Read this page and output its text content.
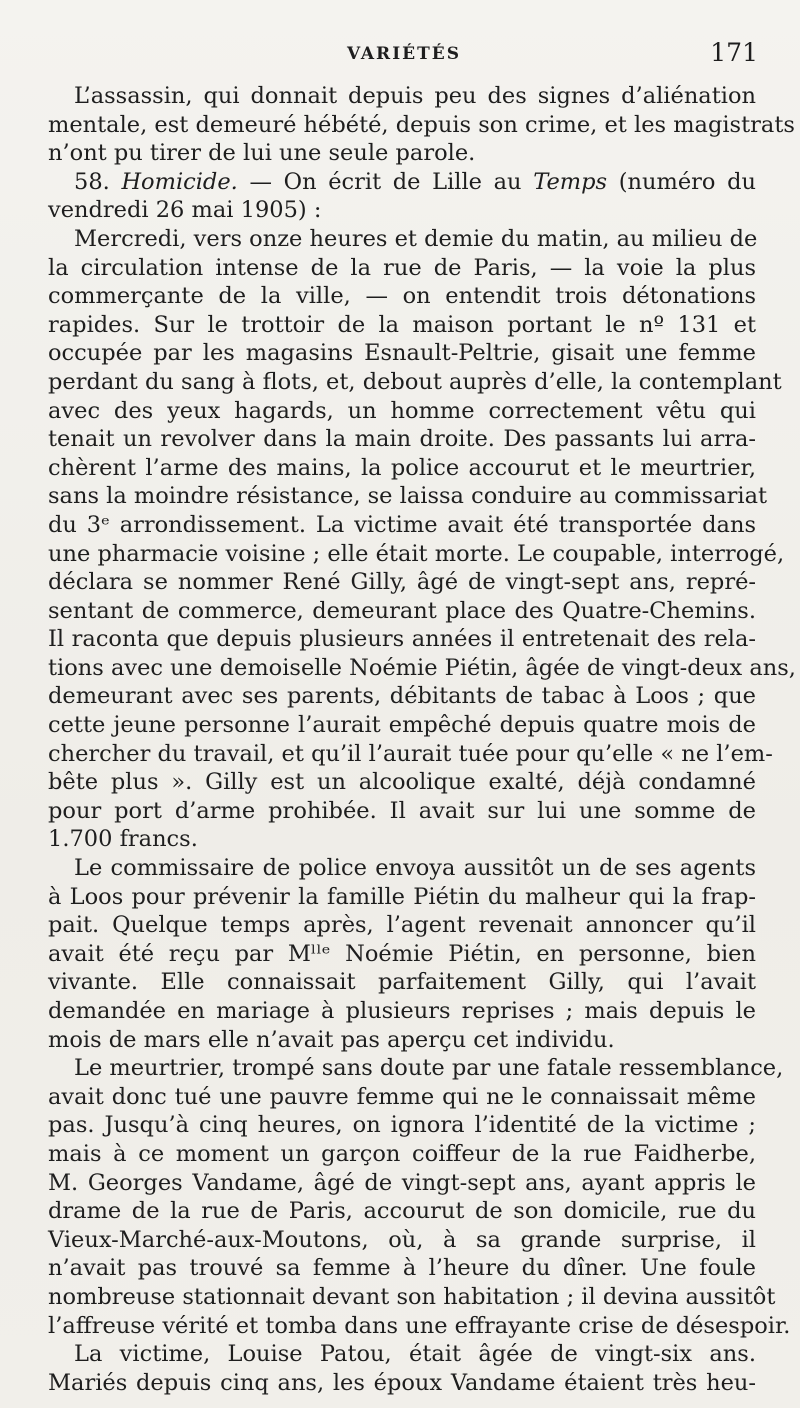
VARIÉTÉS	171
L’assassin, qui donnait depuis peu des signes d’aliénation
mentale, est demeuré hébété, depuis son crime, et les magistrats
n’ont pu tirer de lui une seule parole.
58. Homicide. — On écrit de Lille au Temps (numéro du
vendredi 26 mai 1905) :
Mercredi, vers onze heures et demie du matin, au milieu de
la circulation intense de la rue de Paris, — la voie la plus
commerçante de la ville, — on entendit trois détonations
rapides. Sur le trottoir de la maison portant le nº 131 et
occupée par les magasins Esnault-Peltrie, gisait une femme
perdant du sang à flots, et, debout auprès d’elle, la contemplant
avec des yeux hagards, un homme correctement vêtu qui
tenait un revolver dans la main droite. Des passants lui arra-
chèrent l’arme des mains, la police accourut et le meurtrier,
sans la moindre résistance, se laissa conduire au commissariat
du 3ᵉ arrondissement. La victime avait été transportée dans
une pharmacie voisine ; elle était morte. Le coupable, interrogé,
déclara se nommer René Gilly, âgé de vingt-sept ans, repré-
sentant de commerce, demeurant place des Quatre-Chemins.
Il raconta que depuis plusieurs années il entretenait des rela-
tions avec une demoiselle Noémie Piétin, âgée de vingt-deux ans,
demeurant avec ses parents, débitants de tabac à Loos ; que
cette jeune personne l’aurait empêché depuis quatre mois de
chercher du travail, et qu’il l’aurait tuée pour qu’elle « ne l’em-
bête plus ». Gilly est un alcoolique exalté, déjà condamné
pour port d’arme prohibée. Il avait sur lui une somme de
1.700 francs.
Le commissaire de police envoya aussitôt un de ses agents
à Loos pour prévenir la famille Piétin du malheur qui la frap-
pait. Quelque temps après, l’agent revenait annoncer qu’il
avait été reçu par Mˡˡᵉ Noémie Piétin, en personne, bien
vivante. Elle connaissait parfaitement Gilly, qui l’avait
demandée en mariage à plusieurs reprises ; mais depuis le
mois de mars elle n’avait pas aperçu cet individu.
Le meurtrier, trompé sans doute par une fatale ressemblance,
avait donc tué une pauvre femme qui ne le connaissait même
pas. Jusqu’à cinq heures, on ignora l’identité de la victime ;
mais à ce moment un garçon coiffeur de la rue Faidherbe,
M. Georges Vandame, âgé de vingt-sept ans, ayant appris le
drame de la rue de Paris, accourut de son domicile, rue du
Vieux-Marché-aux-Moutons, où, à sa grande surprise, il
n’avait pas trouvé sa femme à l’heure du dîner. Une foule
nombreuse stationnait devant son habitation ; il devina aussitôt
l’affreuse vérité et tomba dans une effrayante crise de désespoir.
La victime, Louise Patou, était âgée de vingt-six ans.
Mariés depuis cinq ans, les époux Vandame étaient très heu-
